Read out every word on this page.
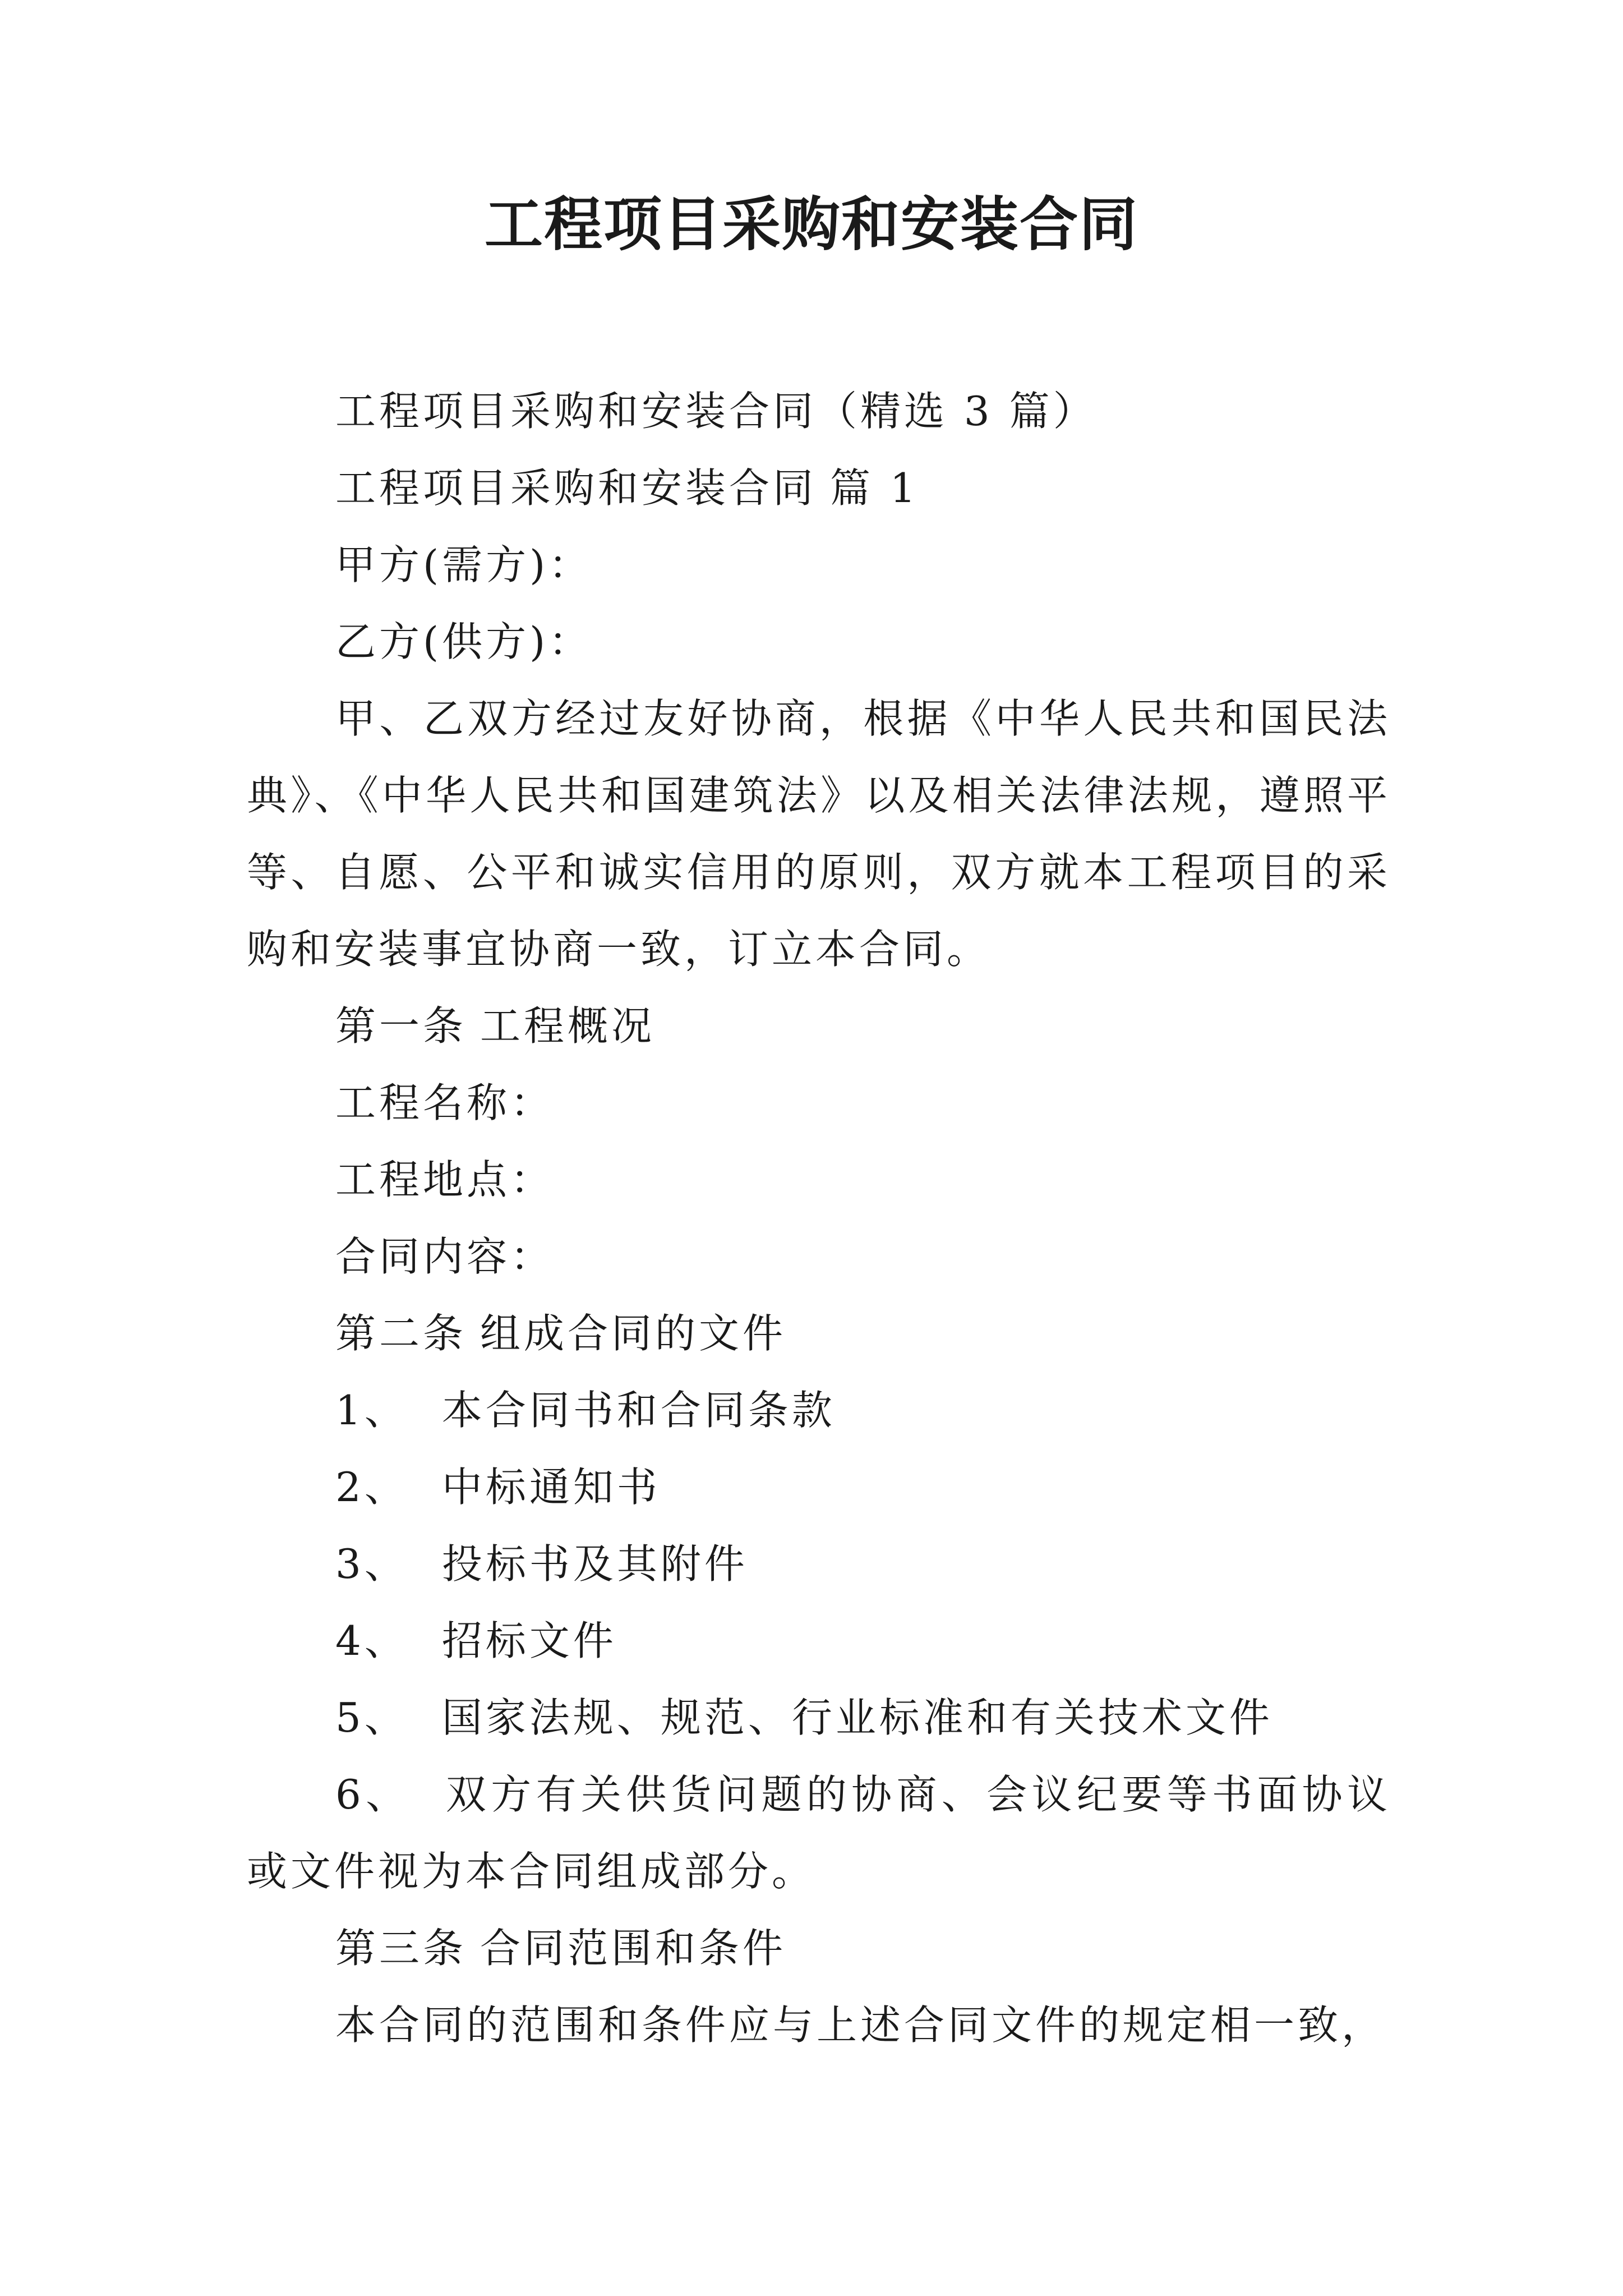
工程项目采购和安装合同

工程项目采购和安装合同（精选 3 篇）

工程项目采购和安装合同 篇 1

甲方(需方)：

乙方(供方)：

甲、乙双方经过友好协商，根据《中华人民共和国民法典》、《中华人民共和国建筑法》以及相关法律法规，遵照平等、自愿、公平和诚实信用的原则，双方就本工程项目的采购和安装事宜协商一致，订立本合同。

第一条 工程概况

工程名称：

工程地点：

合同内容：

第二条 组成合同的文件

1、 本合同书和合同条款

2、 中标通知书

3、 投标书及其附件

4、 招标文件

5、 国家法规、规范、行业标准和有关技术文件

6、 双方有关供货问题的协商、会议纪要等书面协议或文件视为本合同组成部分。

第三条 合同范围和条件

本合同的范围和条件应与上述合同文件的规定相一致，
